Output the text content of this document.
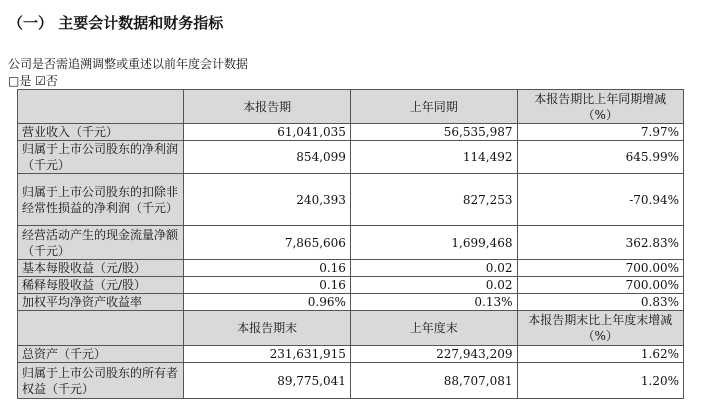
（一） 主要会计数据和财务指标
公司是否需追溯调整或重述以前年度会计数据
□是 ☑否
	本报告期	上年同期	本报告期比上年同期增减（%）
营业收入（千元）	61,041,035	56,535,987	7.97%
归属于上市公司股东的净利润（千元）	854,099	114,492	645.99%
归属于上市公司股东的扣除非经常性损益的净利润（千元）	240,393	827,253	-70.94%
经营活动产生的现金流量净额（千元）	7,865,606	1,699,468	362.83%
基本每股收益（元/股）	0.16	0.02	700.00%
稀释每股收益（元/股）	0.16	0.02	700.00%
加权平均净资产收益率	0.96%	0.13%	0.83%
	本报告期末	上年度末	本报告期末比上年度末增减（%）
总资产（千元）	231,631,915	227,943,209	1.62%
归属于上市公司股东的所有者权益（千元）	89,775,041	88,707,081	1.20%
